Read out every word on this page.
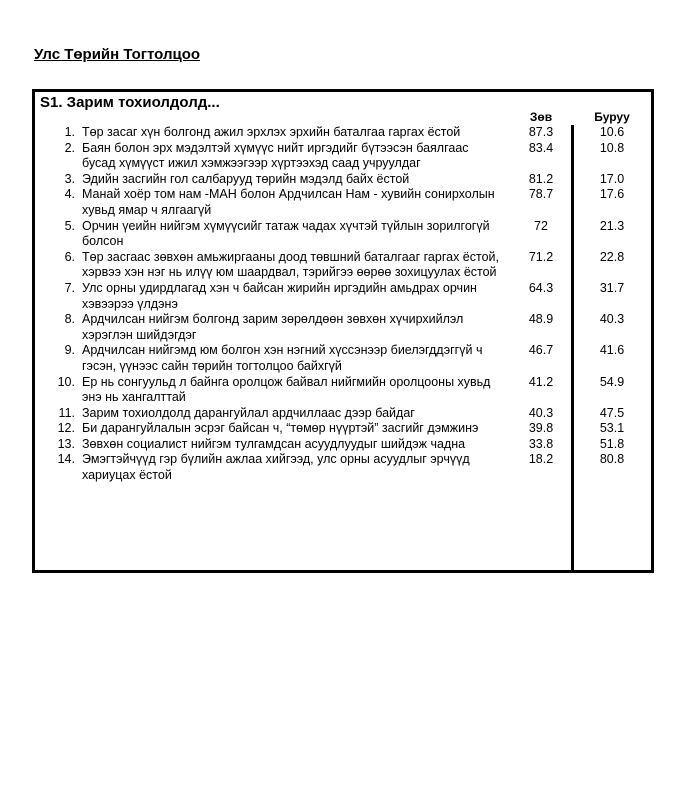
Улс Төрийн Тогтолцоо
S1. Зарим тохиолдолд...
Зөв	Буруу
1. Төр засаг хүн болгонд ажил эрхлэх эрхийн баталгаа гаргах ёстой	87.3	10.6
2. Баян болон эрх мэдэлтэй хүмүүс нийт иргэдийг бүтээсэн баялгаас бусад хүмүүст ижил хэмжээгээр хүртээхэд саад учруулдаг
83.4	10.8
3. Эдийн засгийн гол салбарууд төрийн мэдэлд байх ёстой	81.2	17.0
4. Манай хоёр том нам -МАН болон Ардчилсан Нам - хувийн сонирхолын хувьд ямар ч ялгаагүй
78.7	17.6
5. Орчин үеийн нийгэм хүмүүсийг татаж чадах хүчтэй түйлын зорилгогүй болсон
72	21.3
6. Төр засгаас зөвхөн амьжиргааны доод төвшний баталгааг гаргах ёстой, хэрвээ хэн нэг нь илүү юм шаардвал, тэрийгээ өөрөө зохицуулах ёстой
71.2	22.8
7. Улс орны удирдлагад хэн ч байсан жирийн иргэдийн амьдрах орчин хэвээрээ үлдэнэ
64.3	31.7
8. Ардчилсан нийгэм болгонд зарим зөрөлдөөн зөвхөн хүчирхийлэл хэрэглэн шийдэгдэг
48.9	40.3
9. Ардчилсан нийгэмд юм болгон хэн нэгний хүссэнээр биелэгддэггүй ч гэсэн, үүнээс сайн төрийн тогтолцоо байхгүй
46.7	41.6
10. Ер нь сонгуульд л байнга оролцож байвал нийгмийн оролцооны хувьд энэ нь хангалттай
41.2	54.9
11. Зарим тохиолдолд дарангуйлал ардчиллаас дээр байдаг	40.3	47.5
12. Би дарангуйлалын эсрэг байсан ч, “төмөр нүүртэй” засгийг дэмжинэ	39.8	53.1
13. Зөвхөн социалист нийгэм тулгамдсан асуудлуудыг шийдэж чадна	33.8	51.8
14. Эмэгтэйчүүд гэр бүлийн ажлаа хийгээд, улс орны асуудлыг эрчүүд хариуцах ёстой
18.2	80.8
